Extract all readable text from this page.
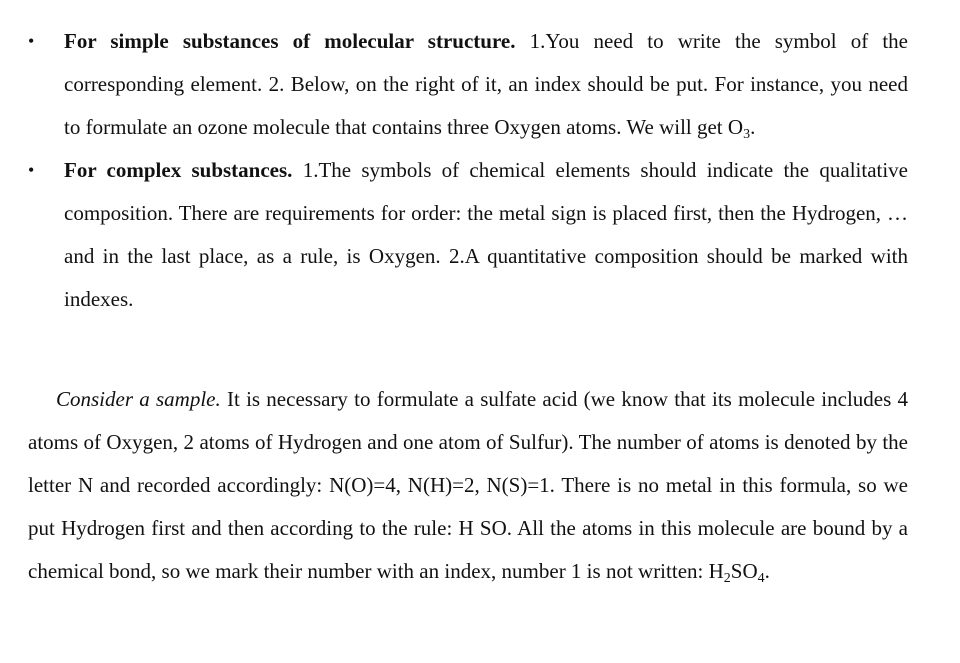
• For simple substances of molecular structure. 1.You need to write the symbol of the corresponding element. 2. Below, on the right of it, an index should be put. For instance, you need to formulate an ozone molecule that contains three Oxygen atoms. We will get $O_3$.
• For complex substances. 1.The symbols of chemical elements should indicate the qualitative composition. There are requirements for order: the metal sign is placed first, then the Hydrogen, … and in the last place, as a rule, is Oxygen. 2.A quantitative composition should be marked with indexes.

Consider a sample. It is necessary to formulate a sulfate acid (we know that its molecule includes 4 atoms of Oxygen, 2 atoms of Hydrogen and one atom of Sulfur). The number of atoms is denoted by the letter N and recorded accordingly: N(O)=4, N(H)=2, N(S)=1. There is no metal in this formula, so we put Hydrogen first and then according to the rule: H SO. All the atoms in this molecule are bound by a chemical bond, so we mark their number with an index, number 1 is not written: $H_2SO_4$.
